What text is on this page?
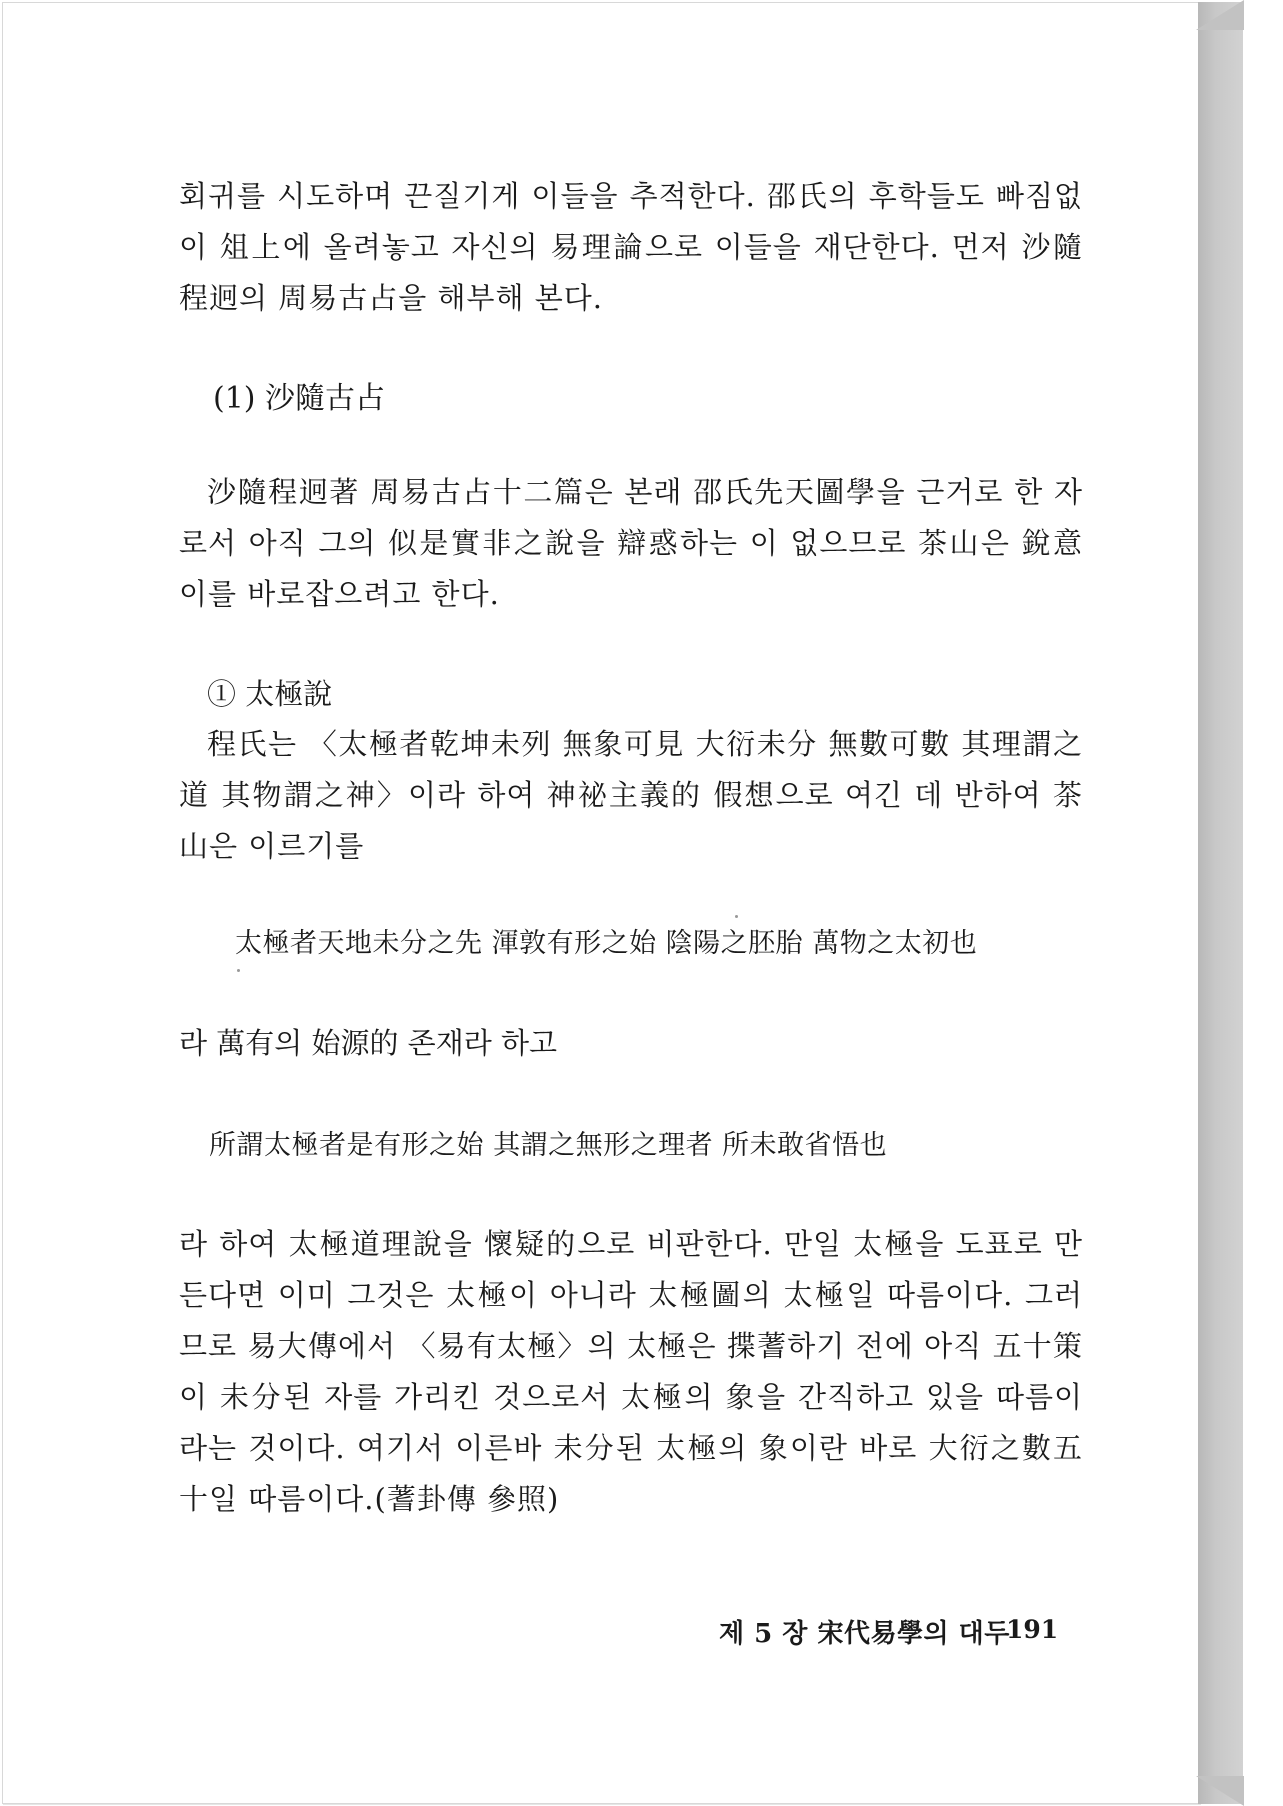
회귀를 시도하며 끈질기게 이들을 추적한다. 邵氏의 후학들도 빠짐없이 俎上에 올려놓고 자신의 易理論으로 이들을 재단한다. 먼저 沙隨程迥의 周易古占을 해부해 본다.

(1) 沙隨古占

沙隨程迥著 周易古占十二篇은 본래 邵氏先天圖學을 근거로 한 자로서 아직 그의 似是實非之說을 辯惑하는 이 없으므로 茶山은 銳意 이를 바로잡으려고 한다.

① 太極說

程氏는 〈太極者乾坤未列 無象可見 大衍未分 無數可數 其理謂之道 其物謂之神〉이라 하여 神祕主義的 假想으로 여긴 데 반하여 茶山은 이르기를

太極者天地未分之先 渾敦有形之始 陰陽之胚胎 萬物之太初也
라 萬有의 始源的 존재라 하고
所謂太極者是有形之始 其謂之無形之理者 所未敢省悟也

라 하여 太極道理說을 懷疑的으로 비판한다. 만일 太極을 도표로 만든다면 이미 그것은 太極이 아니라 太極圖의 太極일 따름이다. 그러므로 易大傳에서 〈易有太極〉의 太極은 揲蓍하기 전에 아직 五十策이 未分된 자를 가리킨 것으로서 太極의 象을 간직하고 있을 따름이라는 것이다. 여기서 이른바 未分된 太極의 象이란 바로 大衍之數五十일 따름이다.(蓍卦傳 參照)

제 5 장 宋代易學의 대두
191
